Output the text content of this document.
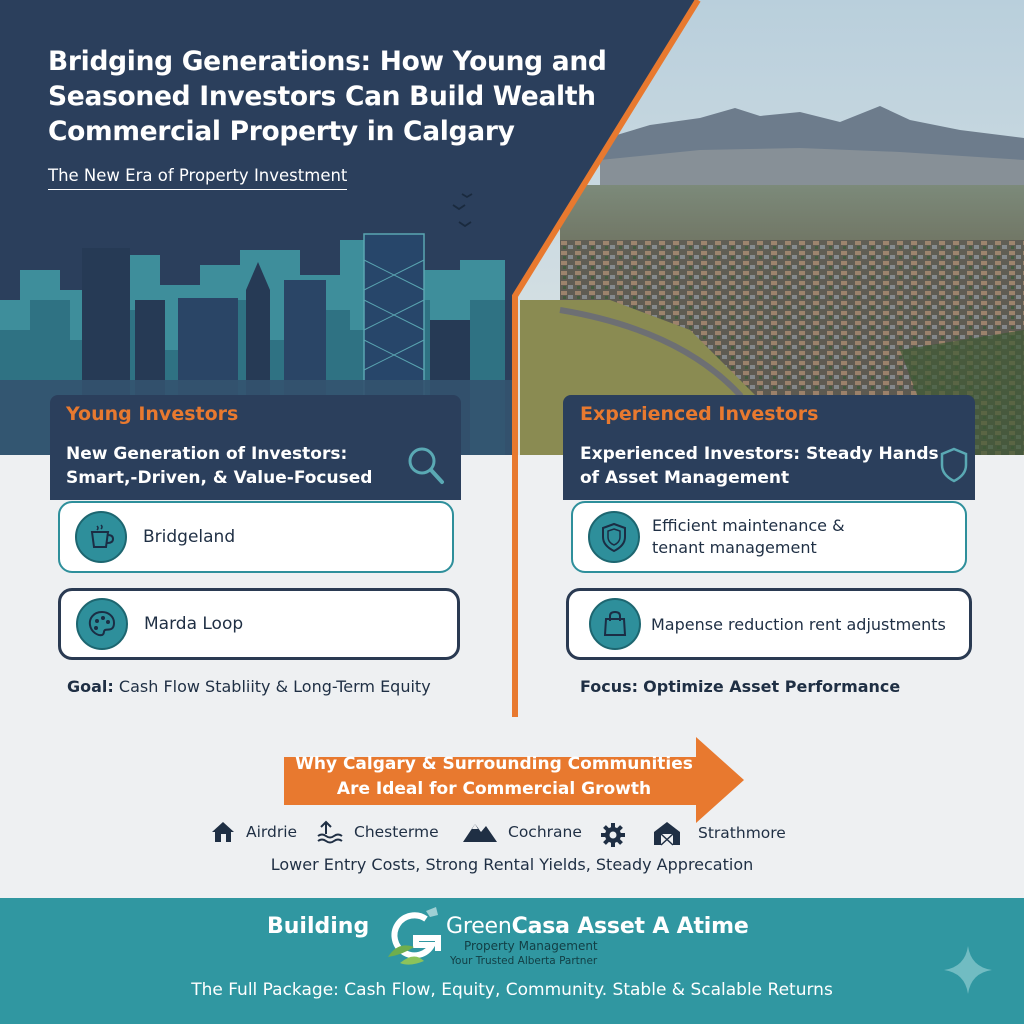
Bridging Generations: How Young and Seasoned Investors Can Build Wealth Commercial Property in Calgary
The New Era of Property Investment
Young Investors
New Generation of Investors: Smart,-Driven, & Value-Focused
Bridgeland
Marda Loop
Goal: Cash Flow Stabliity & Long-Term Equity
Experienced Investors
Experienced Investors: Steady Hands of Asset Management
Efficient maintenance & tenant management
Mapense reduction rent adjustments
Focus: Optimize Asset Performance
Why Calgary & Surrounding Communities
Are Ideal for Commercial Growth
Airdrie	Chesterme	Cochrane	Strathmore
Lower Entry Costs, Strong Rental Yields, Steady Apprecation
Building	GreenCasa Asset A Atime
Property Management
Your Trusted Alberta Partner
The Full Package: Cash Flow, Equity, Community. Stable & Scalable Returns
